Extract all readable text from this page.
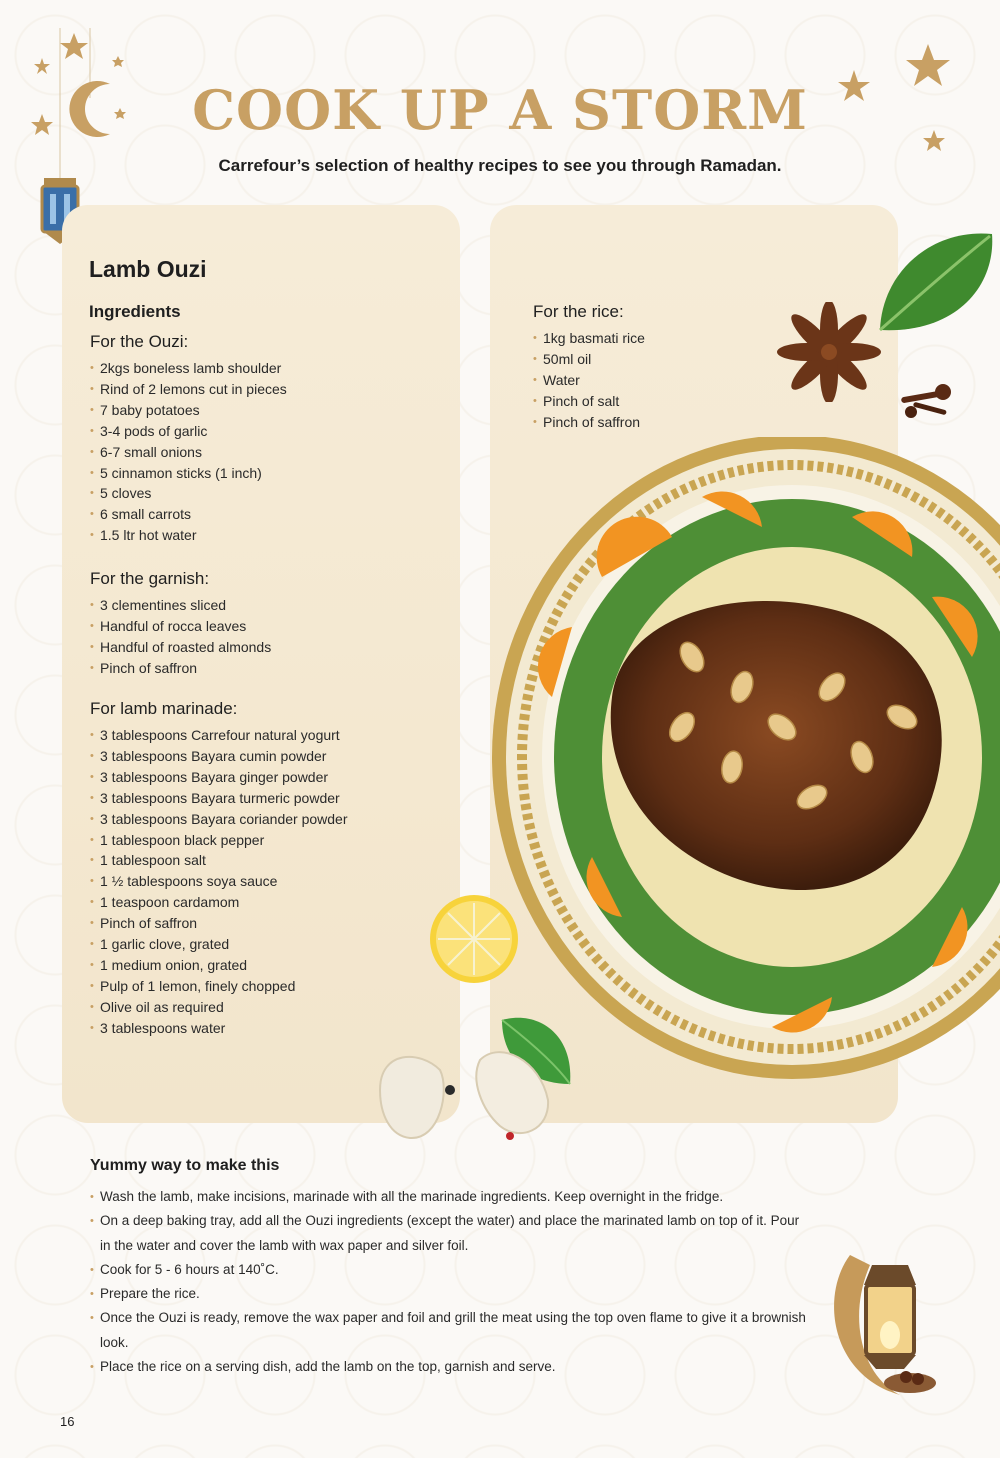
COOK UP A STORM
Carrefour’s selection of healthy recipes to see you through Ramadan.
Lamb Ouzi
Ingredients
For the Ouzi:
• 2kgs boneless lamb shoulder
• Rind of 2 lemons cut in pieces
• 7 baby potatoes
• 3-4 pods of garlic
• 6-7 small onions
• 5 cinnamon sticks (1 inch)
• 5 cloves
• 6 small carrots
• 1.5 ltr hot water
For the garnish:
• 3 clementines sliced
• Handful of rocca leaves
• Handful of roasted almonds
• Pinch of saffron
For lamb marinade:
• 3 tablespoons Carrefour natural yogurt
• 3 tablespoons Bayara cumin powder
• 3 tablespoons Bayara ginger powder
• 3 tablespoons Bayara turmeric powder
• 3 tablespoons Bayara coriander powder
• 1 tablespoon black pepper
• 1 tablespoon salt
• 1 ½ tablespoons soya sauce
• 1 teaspoon cardamom
• Pinch of saffron
• 1 garlic clove, grated
• 1 medium onion, grated
• Pulp of 1 lemon, finely chopped
• Olive oil as required
• 3 tablespoons water
For the rice:
• 1kg basmati rice
• 50ml oil
• Water
• Pinch of salt
• Pinch of saffron
Yummy way to make this
• Wash the lamb, make incisions, marinade with all the marinade ingredients. Keep overnight in the fridge.
• On a deep baking tray, add all the Ouzi ingredients (except the water) and place the marinated lamb on top of it. Pour in the water and cover the lamb with wax paper and silver foil.
• Cook for 5 - 6 hours at 140˚C.
• Prepare the rice.
• Once the Ouzi is ready, remove the wax paper and foil and grill the meat using the top oven flame to give it a brownish look.
• Place the rice on a serving dish, add the lamb on the top, garnish and serve.
16
